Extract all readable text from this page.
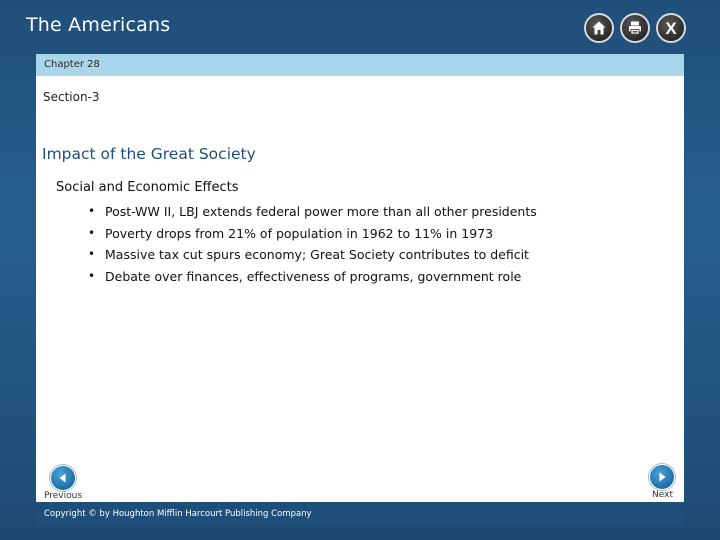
The Americans	X
Chapter 28
Section-3
Impact of the Great Society
Social and Economic Effects
• Post-WW II, LBJ extends federal power more than all other presidents
• Poverty drops from 21% of population in 1962 to 11% in 1973
• Massive tax cut spurs economy; Great Society contributes to deficit
• Debate over finances, effectiveness of programs, government role
Previous	Next
Copyright © by Houghton Mifflin Harcourt Publishing Company
